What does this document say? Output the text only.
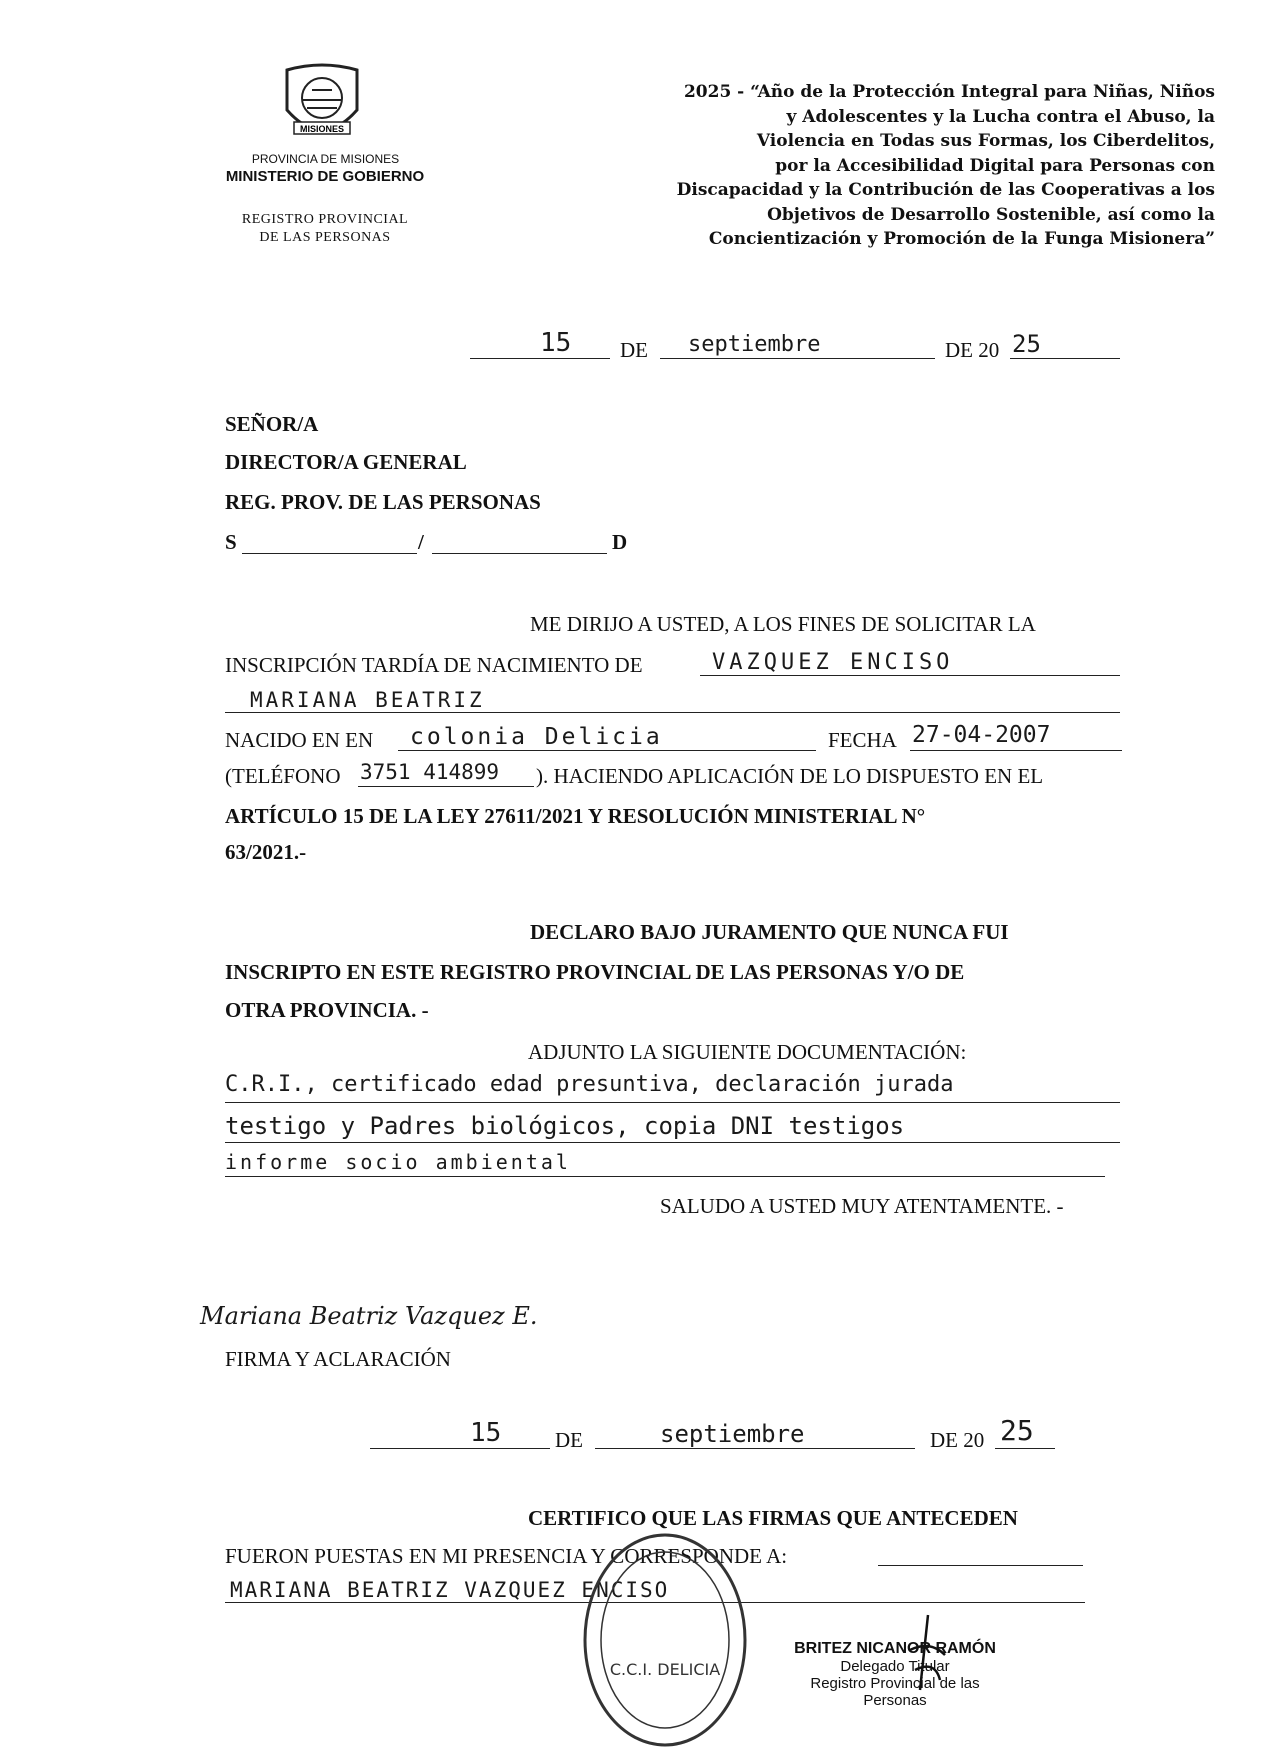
MISIONES
PROVINCIA DE MISIONES
MINISTERIO DE GOBIERNO
REGISTRO PROVINCIAL
DE LAS PERSONAS
2025 - “Año de la Protección Integral para Niñas, Niños
y Adolescentes y la Lucha contra el Abuso, la
Violencia en Todas sus Formas, los Ciberdelitos,
por la Accesibilidad Digital para Personas con
Discapacidad y la Contribución de las Cooperativas a los
Objetivos de Desarrollo Sostenible, así como la
Concientización y Promoción de la Funga Misionera”
15 DE septiembre	DE 20 25
SEÑOR/A
DIRECTOR/A GENERAL
REG. PROV. DE LAS PERSONAS
S	/	D
ME DIRIJO A USTED, A LOS FINES DE SOLICITAR LA
INSCRIPCIÓN TARDÍA DE NACIMIENTO DE	VAZQUEZ ENCISO
MARIANA BEATRIZ
NACIDO EN EN colonia Delicia	FECHA 27-04-2007
(TELÉFONO 3751 414899 ). HACIENDO APLICACIÓN DE LO DISPUESTO EN EL
ARTÍCULO 15 DE LA LEY 27611/2021 Y RESOLUCIÓN MINISTERIAL N°
63/2021.-
DECLARO BAJO JURAMENTO QUE NUNCA FUI
INSCRIPTO EN ESTE REGISTRO PROVINCIAL DE LAS PERSONAS Y/O DE
OTRA PROVINCIA. -
ADJUNTO LA SIGUIENTE DOCUMENTACIÓN:
C.R.I., certificado edad presuntiva, declaración jurada
testigo y Padres biológicos, copia DNI testigos
informe socio ambiental
SALUDO A USTED MUY ATENTAMENTE. -
Mariana Beatriz Vazquez E.
FIRMA Y ACLARACIÓN
15	DE	septiembre	DE 20 25
CERTIFICO QUE LAS FIRMAS QUE ANTECEDEN
FUERON PUESTAS EN MI PRESENCIA Y CORRESPONDE A:
MARIANA BEATRIZ VAZQUEZ ENCISO
C.C.I. DELICIA
BRITEZ NICANOR RAMÓN
Delegado Titular
Registro Provincial de las
Personas
